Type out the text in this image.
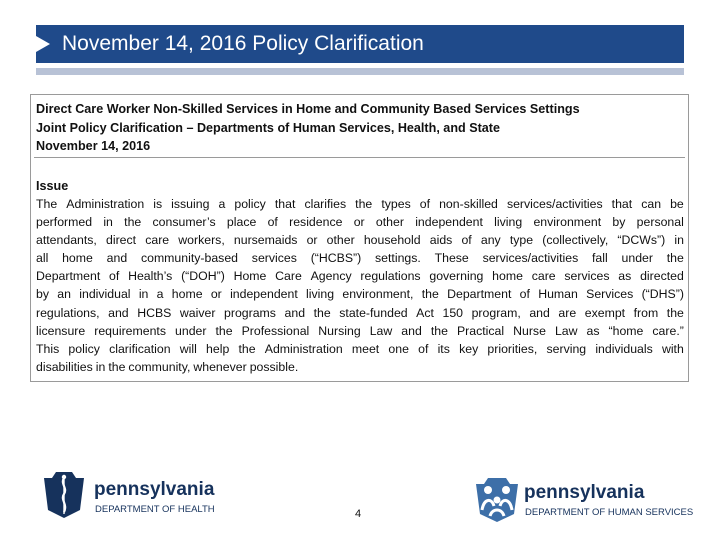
November 14, 2016 Policy Clarification
Direct Care Worker Non-Skilled Services in Home and Community Based Services Settings
Joint Policy Clarification – Departments of Human Services, Health, and State
November 14, 2016
Issue
The Administration is issuing a policy that clarifies the types of non-skilled services/activities that can be
performed in the consumer’s place of residence or other independent living environment by personal
attendants, direct care workers, nursemaids or other household aids of any type (collectively, “DCWs”) in
all home and community-based services (“HCBS”) settings. These services/activities fall under the
Department of Health’s (“DOH”) Home Care Agency regulations governing home care services as directed
by an individual in a home or independent living environment, the Department of Human Services (“DHS”)
regulations, and HCBS waiver programs and the state-funded Act 150 program, and are exempt from the
licensure requirements under the Professional Nursing Law and the Practical Nurse Law as “home care.”
This policy clarification will help the Administration meet one of its key priorities, serving individuals with
disabilities in the community, whenever possible.
pennsylvania
DEPARTMENT OF HEALTH	4
pennsylvania
DEPARTMENT OF HUMAN SERVICES
